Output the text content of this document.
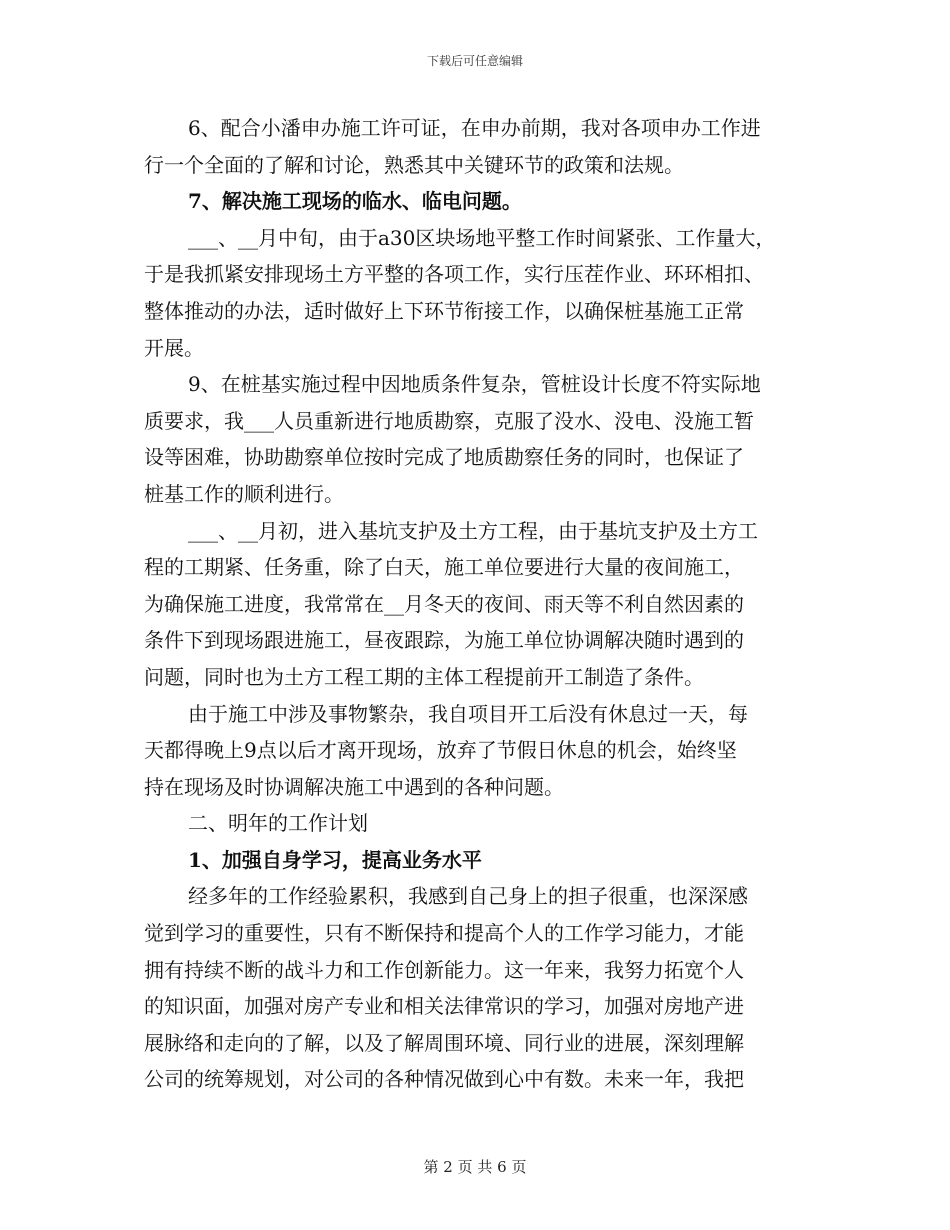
下载后可任意编辑
6、配合小潘申办施工许可证，在申办前期，我对各项申办工作进
行一个全面的了解和讨论，熟悉其中关键环节的政策和法规。
7、解决施工现场的临水、临电问题。
___、__月中旬，由于a30区块场地平整工作时间紧张、工作量大，
于是我抓紧安排现场土方平整的各项工作，实行压茬作业、环环相扣、
整体推动的办法，适时做好上下环节衔接工作，以确保桩基施工正常
开展。
9、在桩基实施过程中因地质条件复杂，管桩设计长度不符实际地
质要求，我___人员重新进行地质勘察，克服了没水、没电、没施工暂
设等困难，协助勘察单位按时完成了地质勘察任务的同时，也保证了
桩基工作的顺利进行。
___、__月初，进入基坑支护及土方工程，由于基坑支护及土方工
程的工期紧、任务重，除了白天，施工单位要进行大量的夜间施工，
为确保施工进度，我常常在__月冬天的夜间、雨天等不利自然因素的
条件下到现场跟进施工，昼夜跟踪，为施工单位协调解决随时遇到的
问题，同时也为土方工程工期的主体工程提前开工制造了条件。
由于施工中涉及事物繁杂，我自项目开工后没有休息过一天，每
天都得晚上9点以后才离开现场，放弃了节假日休息的机会，始终坚
持在现场及时协调解决施工中遇到的各种问题。
二、明年的工作计划
1、加强自身学习，提高业务水平
经多年的工作经验累积，我感到自己身上的担子很重，也深深感
觉到学习的重要性，只有不断保持和提高个人的工作学习能力，才能
拥有持续不断的战斗力和工作创新能力。这一年来，我努力拓宽个人
的知识面，加强对房产专业和相关法律常识的学习，加强对房地产进
展脉络和走向的了解，以及了解周围环境、同行业的进展，深刻理解
公司的统筹规划，对公司的各种情况做到心中有数。未来一年，我把
第 2 页 共 6 页
